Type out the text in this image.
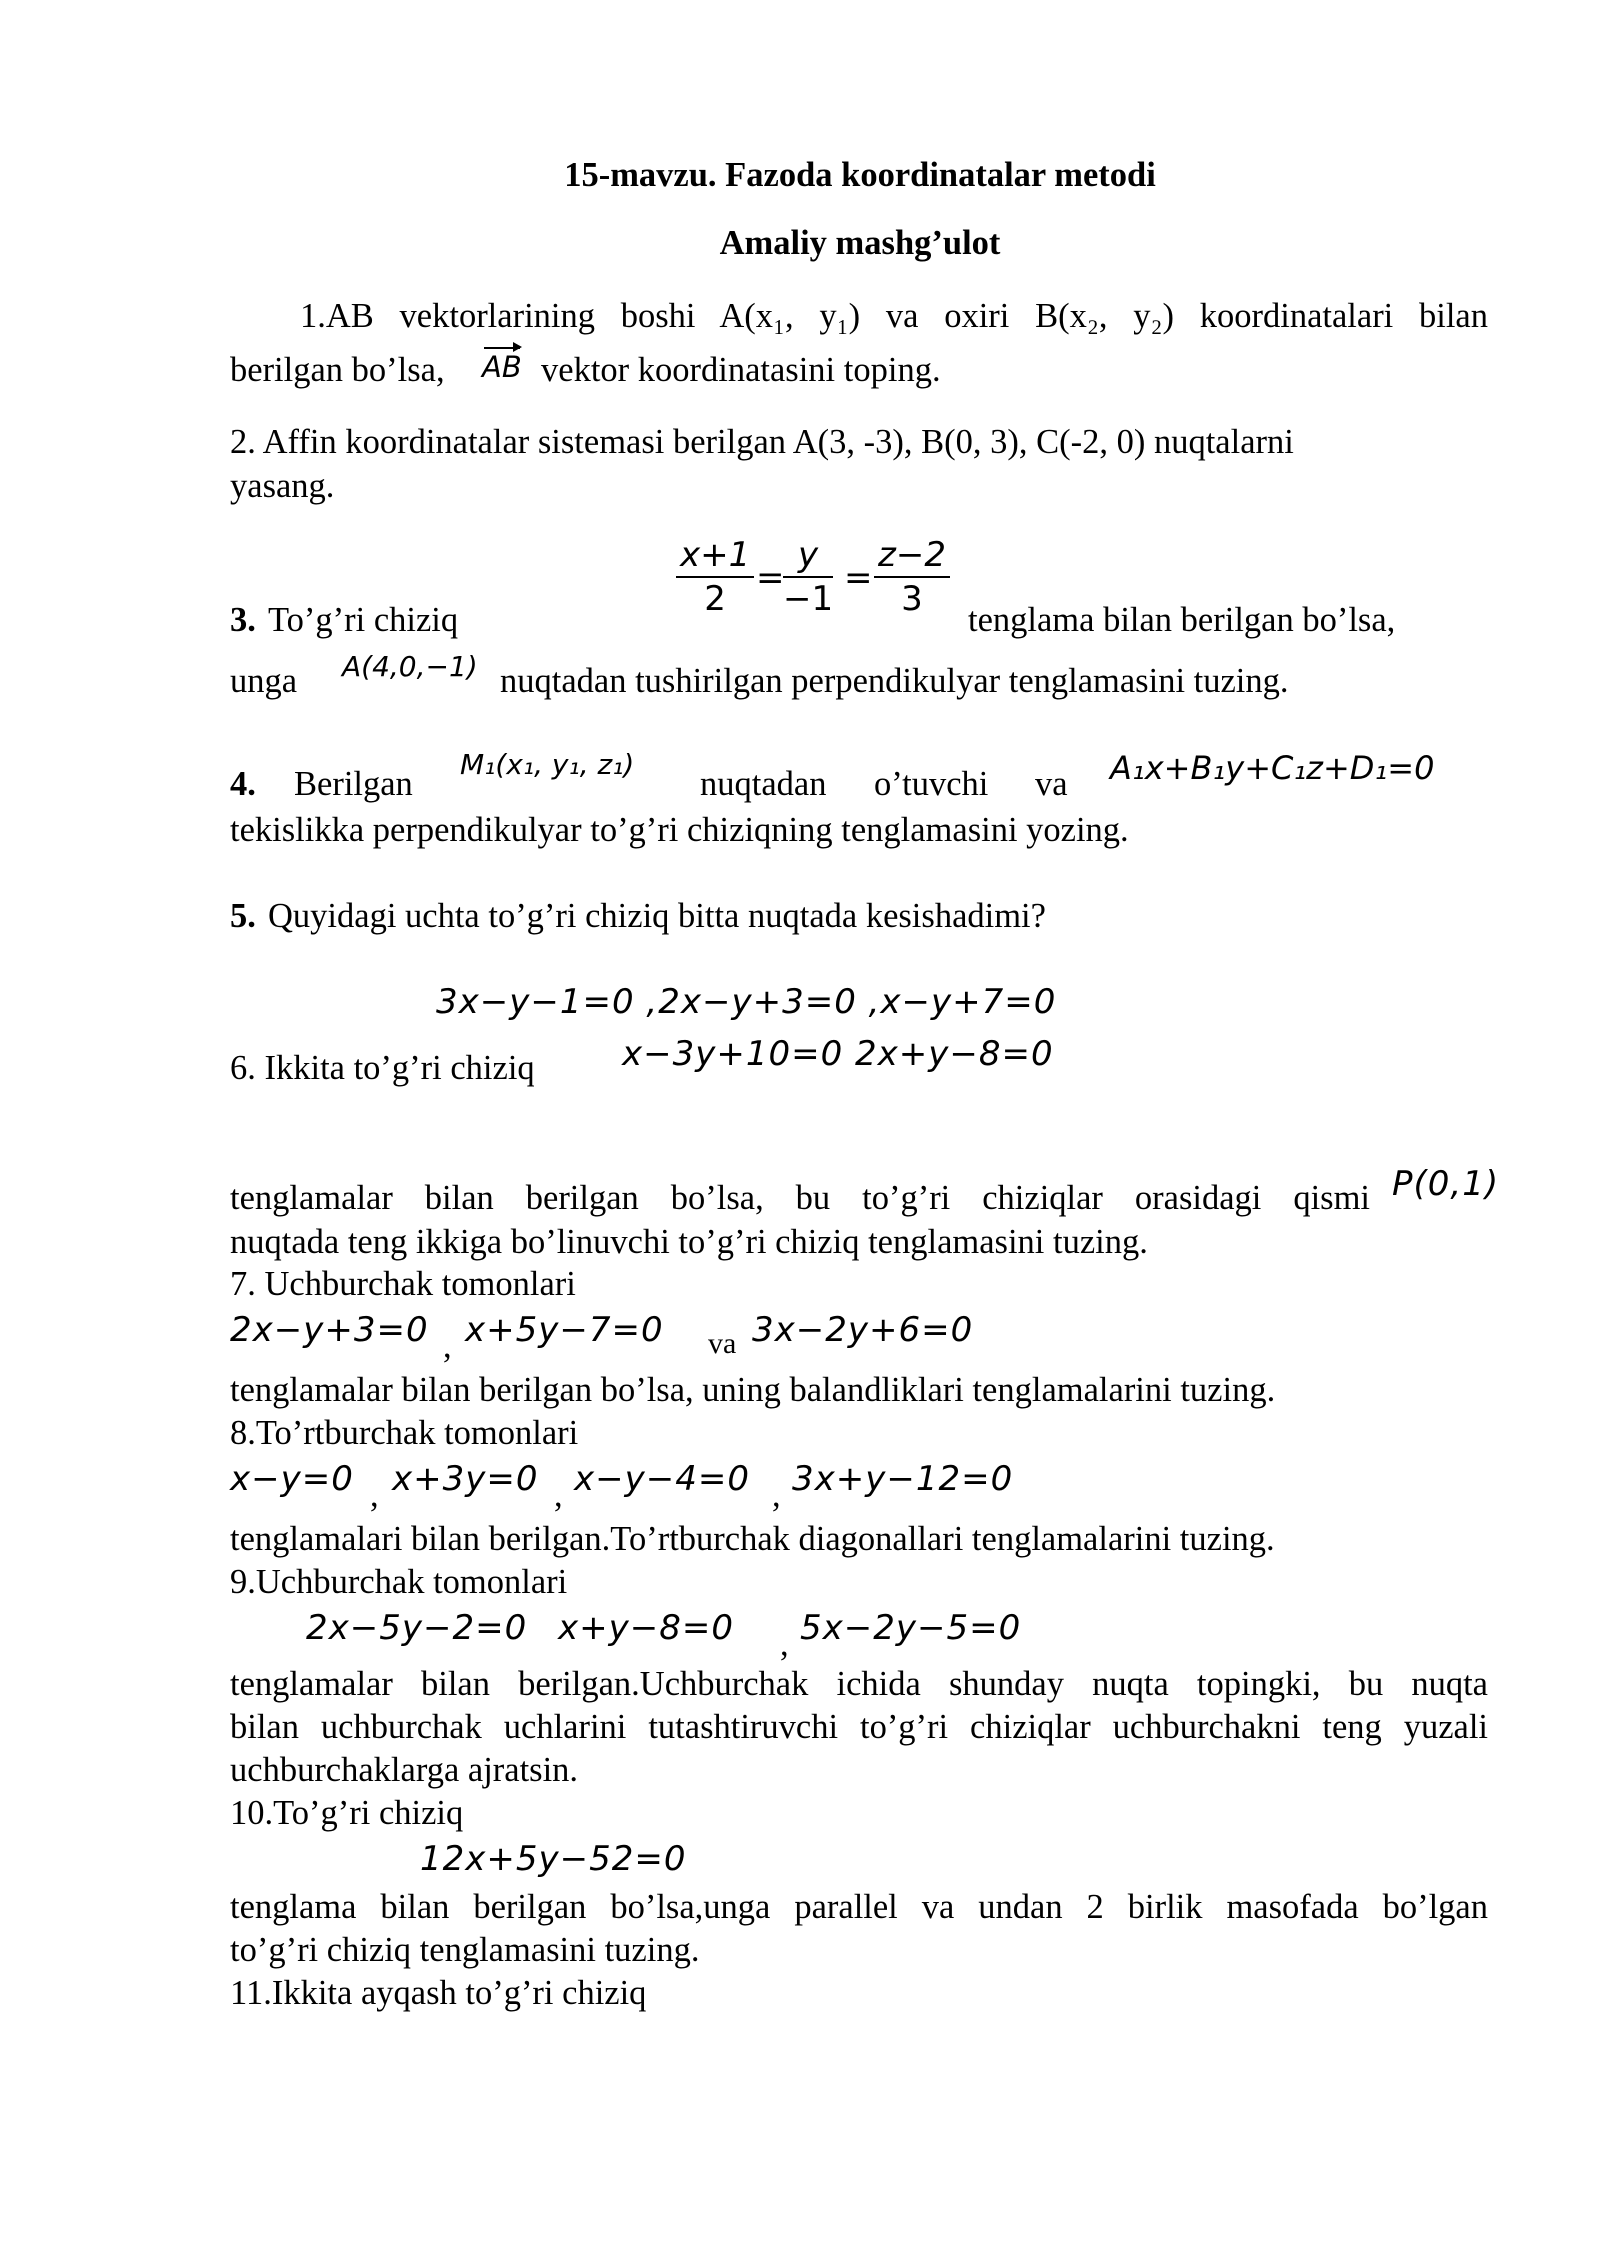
15-mavzu. Fazoda koordinatalar metodi
Amaliy mashg’ulot
1.AB vektorlarining boshi A(x₁, y₁) va oxiri B(x₂, y₂) koordinatalari bilan
berilgan bo’lsa, AB vektor koordinatasini toping.
2. Affin koordinatalar sistemasi berilgan A(3, -3), B(0, 3), C(-2, 0) nuqtalarni
yasang.
$\frac{x+1}{2}$ =
$\frac{y}{-1} = \frac{z-2}{3}$
3. To’g’ri chiziq	tenglama bilan berilgan bo’lsa,
unga A(4,0,−1) nuqtadan tushirilgan perpendikulyar tenglamasini tuzing.
4. Berilgan
M₁(x₁, y₁, z₁)
nuqtadan o’tuvchi va A₁x+B₁y+C₁z+D₁=0
tekislikka perpendikulyar to’g’ri chiziqning tenglamasini yozing.
5. Quyidagi uchta to’g’ri chiziq bitta nuqtada kesishadimi?
3x−y−1=0 ,2x−y+3=0 ,x−y+7=0
6. Ikkita to’g’ri chiziq	x−3y+10=0 2x+y−8=0
tenglamalar bilan berilgan bo’lsa, bu to’g’ri chiziqlar orasidagi qismi P(0,1)
nuqtada teng ikkiga bo’linuvchi to’g’ri chiziq tenglamasini tuzing.
7. Uchburchak tomonlari
2x−y+3=0 , x+5y−7=0 va 3x−2y+6=0
tenglamalar bilan berilgan bo’lsa, uning balandliklari tenglamalarini tuzing.
8.To’rtburchak tomonlari
x−y=0 , x+3y=0 , x−y−4=0 , 3x+y−12=0
tenglamalari bilan berilgan.To’rtburchak diagonallari tenglamalarini tuzing.
9.Uchburchak tomonlari
2x−5y−2=0 x+y−8=0 , 5x−2y−5=0
tenglamalar bilan berilgan.Uchburchak ichida shunday nuqta topingki, bu nuqta
bilan uchburchak uchlarini tutashtiruvchi to’g’ri chiziqlar uchburchakni teng yuzali
uchburchaklarga ajratsin.
10.To’g’ri chiziq
12x+5y−52=0
tenglama bilan berilgan bo’lsa,unga parallel va undan 2 birlik masofada bo’lgan
to’g’ri chiziq tenglamasini tuzing.
11.Ikkita ayqash to’g’ri chiziq
